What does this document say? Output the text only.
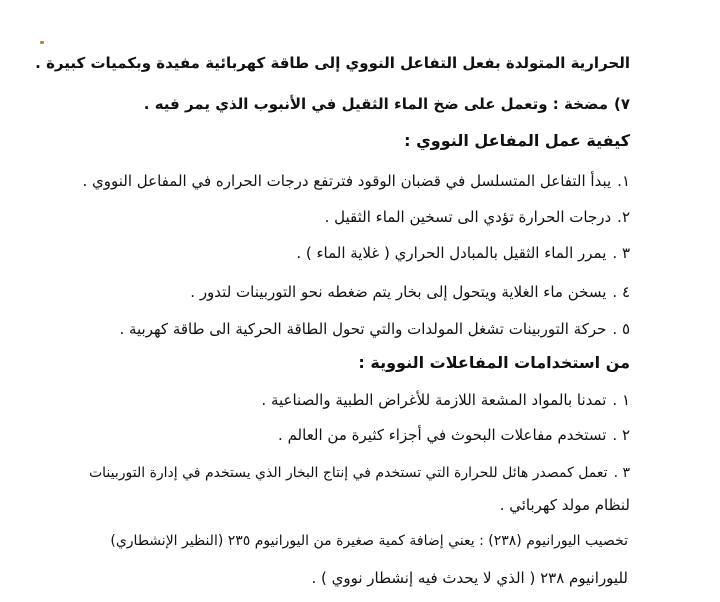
الحرارية المتولدة بفعل التفاعل النووي إلى طاقة كهربائية مفيدة وبكميات كبيرة .
٧)مضخة : وتعمل على ضخ الماء الثقيل في الأنبوب الذي يمر فيه .
كيفية عمل المفاعل النووي :
١.يبدأ التفاعل المتسلسل في قضبان الوقود فترتفع درجات الحراره في المفاعل النووي .
٢.درجات الحرارة تؤدي الى تسخين الماء الثقيل .
٣ .يمرر الماء الثقيل بالمبادل الحراري ( غلاية الماء ) .
٤ .يسخن ماء الغلاية ويتحول إلى بخار يتم ضغطه نحو التوربينات لتدور .
٥ .حركة التوربينات تشغل المولدات والتي تحول الطاقة الحركية الى طاقة كهربية .
من استخدامات المفاعلات النووية :
١ .تمدنا بالمواد المشعة اللازمة للأغراض الطبية والصناعية .
٢ .تستخدم مفاعلات البحوث في أجزاء كثيرة من العالم .
٣ .تعمل كمصدر هائل للحرارة التي تستخدم في إنتاج البخار الذي يستخدم في إدارة التوربينات
لنظام مولد كهربائي .
تخصيب اليورانيوم (٢٣٨) : يعني إضافة كمية صغيرة من اليورانيوم ٢٣٥ (النظير الإنشطاري)
لليورانيوم ٢٣٨ ( الذي لا يحدث فيه إنشطار نووي ) .
